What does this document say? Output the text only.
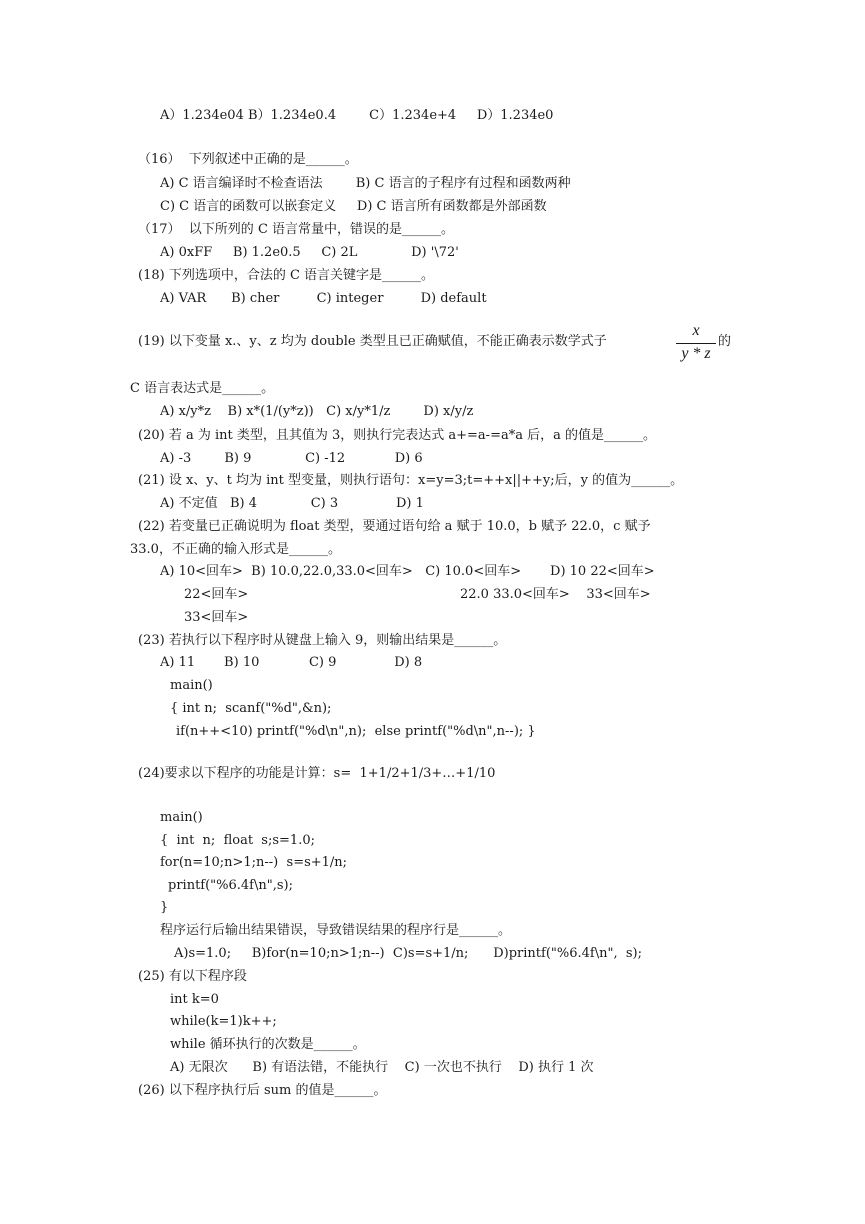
A）1.234e04 B）1.234e0.4        C）1.234e+4     D）1.234e0
（16）  下列叙述中正确的是______。
A) C 语言编译时不检查语法        B) C 语言的子程序有过程和函数两种
C) C 语言的函数可以嵌套定义     D) C 语言所有函数都是外部函数
（17）  以下所列的 C 语言常量中，错误的是______。
A) 0xFF     B) 1.2e0.5     C) 2L             D) '\72'
(18) 下列选项中，合法的 C 语言关键字是______。
A) VAR      B) cher         C) integer         D) default
(19) 以下变量 x.、y、z 均为 double 类型且已正确赋值，不能正确表示数学式子
x
y * z
的
C 语言表达式是______。
A) x/y*z    B) x*(1/(y*z))   C) x/y*1/z        D) x/y/z
(20) 若 a 为 int 类型，且其值为 3，则执行完表达式 a+=a-=a*a 后，a 的值是______。
A) -3        B) 9             C) -12            D) 6
(21) 设 x、y、t 均为 int 型变量，则执行语句：x=y=3;t=++x||++y;后，y 的值为______。
A) 不定值   B) 4             C) 3              D) 1
(22) 若变量已正确说明为 float 类型，要通过语句给 a 赋于 10.0，b 赋予 22.0，c 赋予
33.0，不正确的输入形式是______。
A) 10<回车>  B) 10.0,22.0,33.0<回车>   C) 10.0<回车>       D) 10 22<回车>
22<回车>	22.0 33.0<回车>    33<回车>
33<回车>
(23) 若执行以下程序时从键盘上输入 9，则输出结果是______。
A) 11       B) 10            C) 9              D) 8
main()
{ int n;  scanf("%d",&n);
if(n++<10) printf("%d\n",n);  else printf("%d\n",n--); }
(24)要求以下程序的功能是计算：s=  1+1/2+1/3+…+1/10
main()
{  int  n;  float  s;s=1.0;
for(n=10;n>1;n--)  s=s+1/n;
printf("%6.4f\n",s);
}
程序运行后输出结果错误，导致错误结果的程序行是______。
A)s=1.0;     B)for(n=10;n>1;n--)  C)s=s+1/n;      D)printf("%6.4f\n",  s);
(25) 有以下程序段
int k=0
while(k=1)k++;
while 循环执行的次数是______。
A) 无限次      B) 有语法错，不能执行    C) 一次也不执行    D) 执行 1 次
(26) 以下程序执行后 sum 的值是______。
